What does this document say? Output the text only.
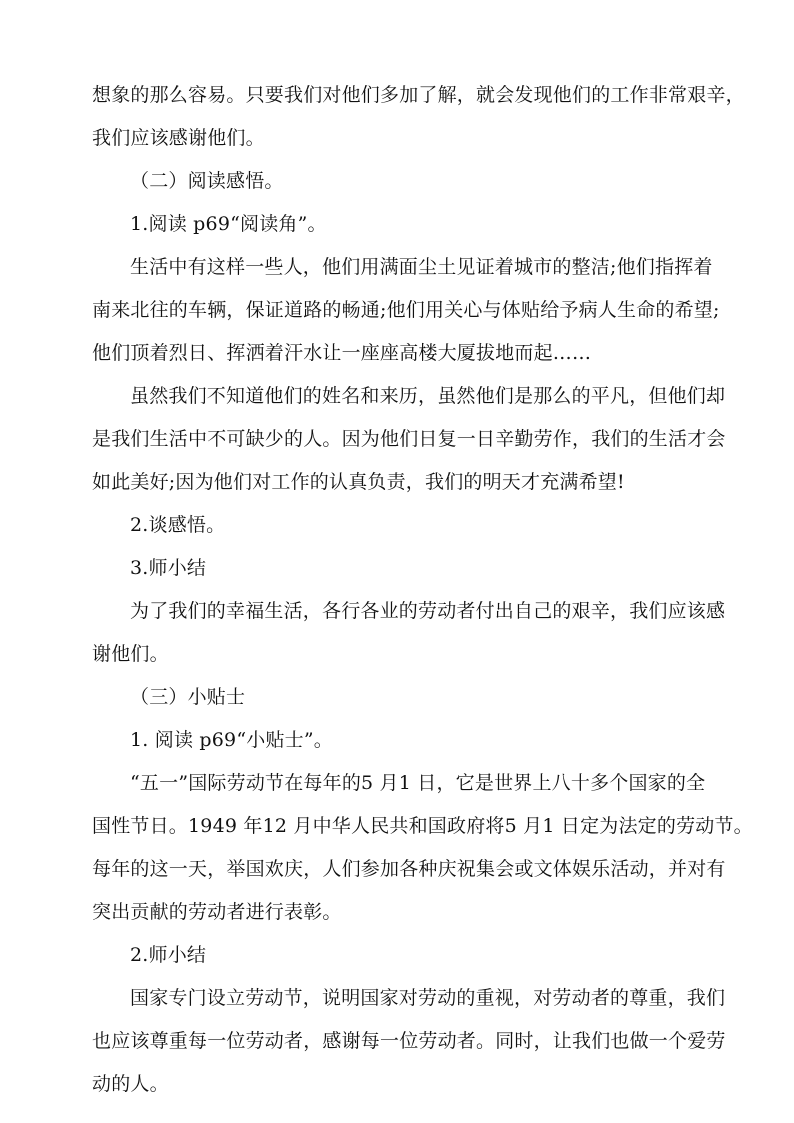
想象的那么容易。只要我们对他们多加了解，就会发现他们的工作非常艰辛，
我们应该感谢他们。
（二）阅读感悟。
1.阅读 p69“阅读角”。
生活中有这样一些人，他们用满面尘土见证着城市的整洁;他们指挥着
南来北往的车辆，保证道路的畅通;他们用关心与体贴给予病人生命的希望;
他们顶着烈日、挥洒着汗水让一座座高楼大厦拔地而起……
虽然我们不知道他们的姓名和来历，虽然他们是那么的平凡，但他们却
是我们生活中不可缺少的人。因为他们日复一日辛勤劳作，我们的生活才会
如此美好;因为他们对工作的认真负责，我们的明天才充满希望!
2.谈感悟。
3.师小结
为了我们的幸福生活，各行各业的劳动者付出自己的艰辛，我们应该感
谢他们。
（三）小贴士
1. 阅读 p69“小贴士”。
“五一”国际劳动节在每年的5 月1 日，它是世界上八十多个国家的全
国性节日。1949 年12 月中华人民共和国政府将5 月1 日定为法定的劳动节。
每年的这一天，举国欢庆，人们参加各种庆祝集会或文体娱乐活动，并对有
突出贡献的劳动者进行表彰。
2.师小结
国家专门设立劳动节，说明国家对劳动的重视，对劳动者的尊重，我们
也应该尊重每一位劳动者，感谢每一位劳动者。同时，让我们也做一个爱劳
动的人。
